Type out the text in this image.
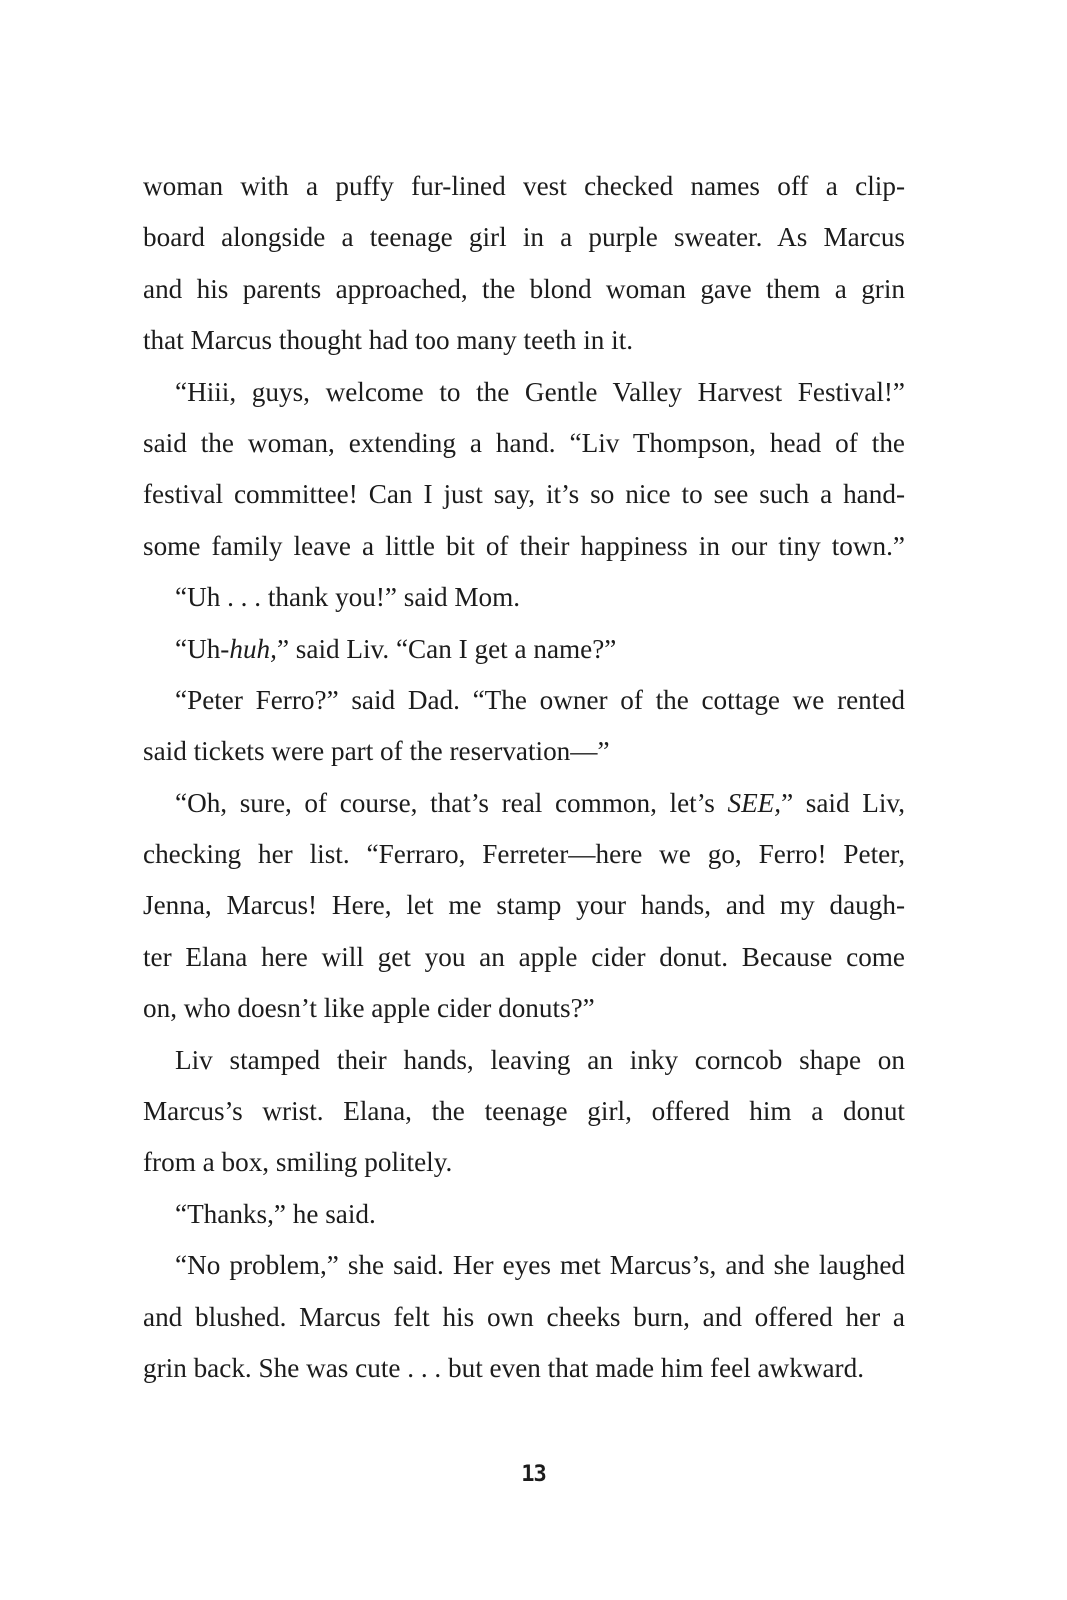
woman with a puffy fur-lined vest checked names off a clip-
board alongside a teenage girl in a purple sweater. As Marcus
and his parents approached, the blond woman gave them a grin
that Marcus thought had too many teeth in it.
“Hiii, guys, welcome to the Gentle Valley Harvest Festival!”
said the woman, extending a hand. “Liv Thompson, head of the
festival committee! Can I just say, it’s so nice to see such a hand-
some family leave a little bit of their happiness in our tiny town.”
“Uh . . . thank you!” said Mom.
“Uh-huh,” said Liv. “Can I get a name?”
“Peter Ferro?” said Dad. “The owner of the cottage we rented
said tickets were part of the reservation—”
“Oh, sure, of course, that’s real common, let’s SEE,” said Liv,
checking her list. “Ferraro, Ferreter—here we go, Ferro! Peter,
Jenna, Marcus! Here, let me stamp your hands, and my daugh-
ter Elana here will get you an apple cider donut. Because come
on, who doesn’t like apple cider donuts?”
Liv stamped their hands, leaving an inky corncob shape on
Marcus’s wrist. Elana, the teenage girl, offered him a donut
from a box, smiling politely.
“Thanks,” he said.
“No problem,” she said. Her eyes met Marcus’s, and she laughed
and blushed. Marcus felt his own cheeks burn, and offered her a
grin back. She was cute . . . but even that made him feel awkward.
13
